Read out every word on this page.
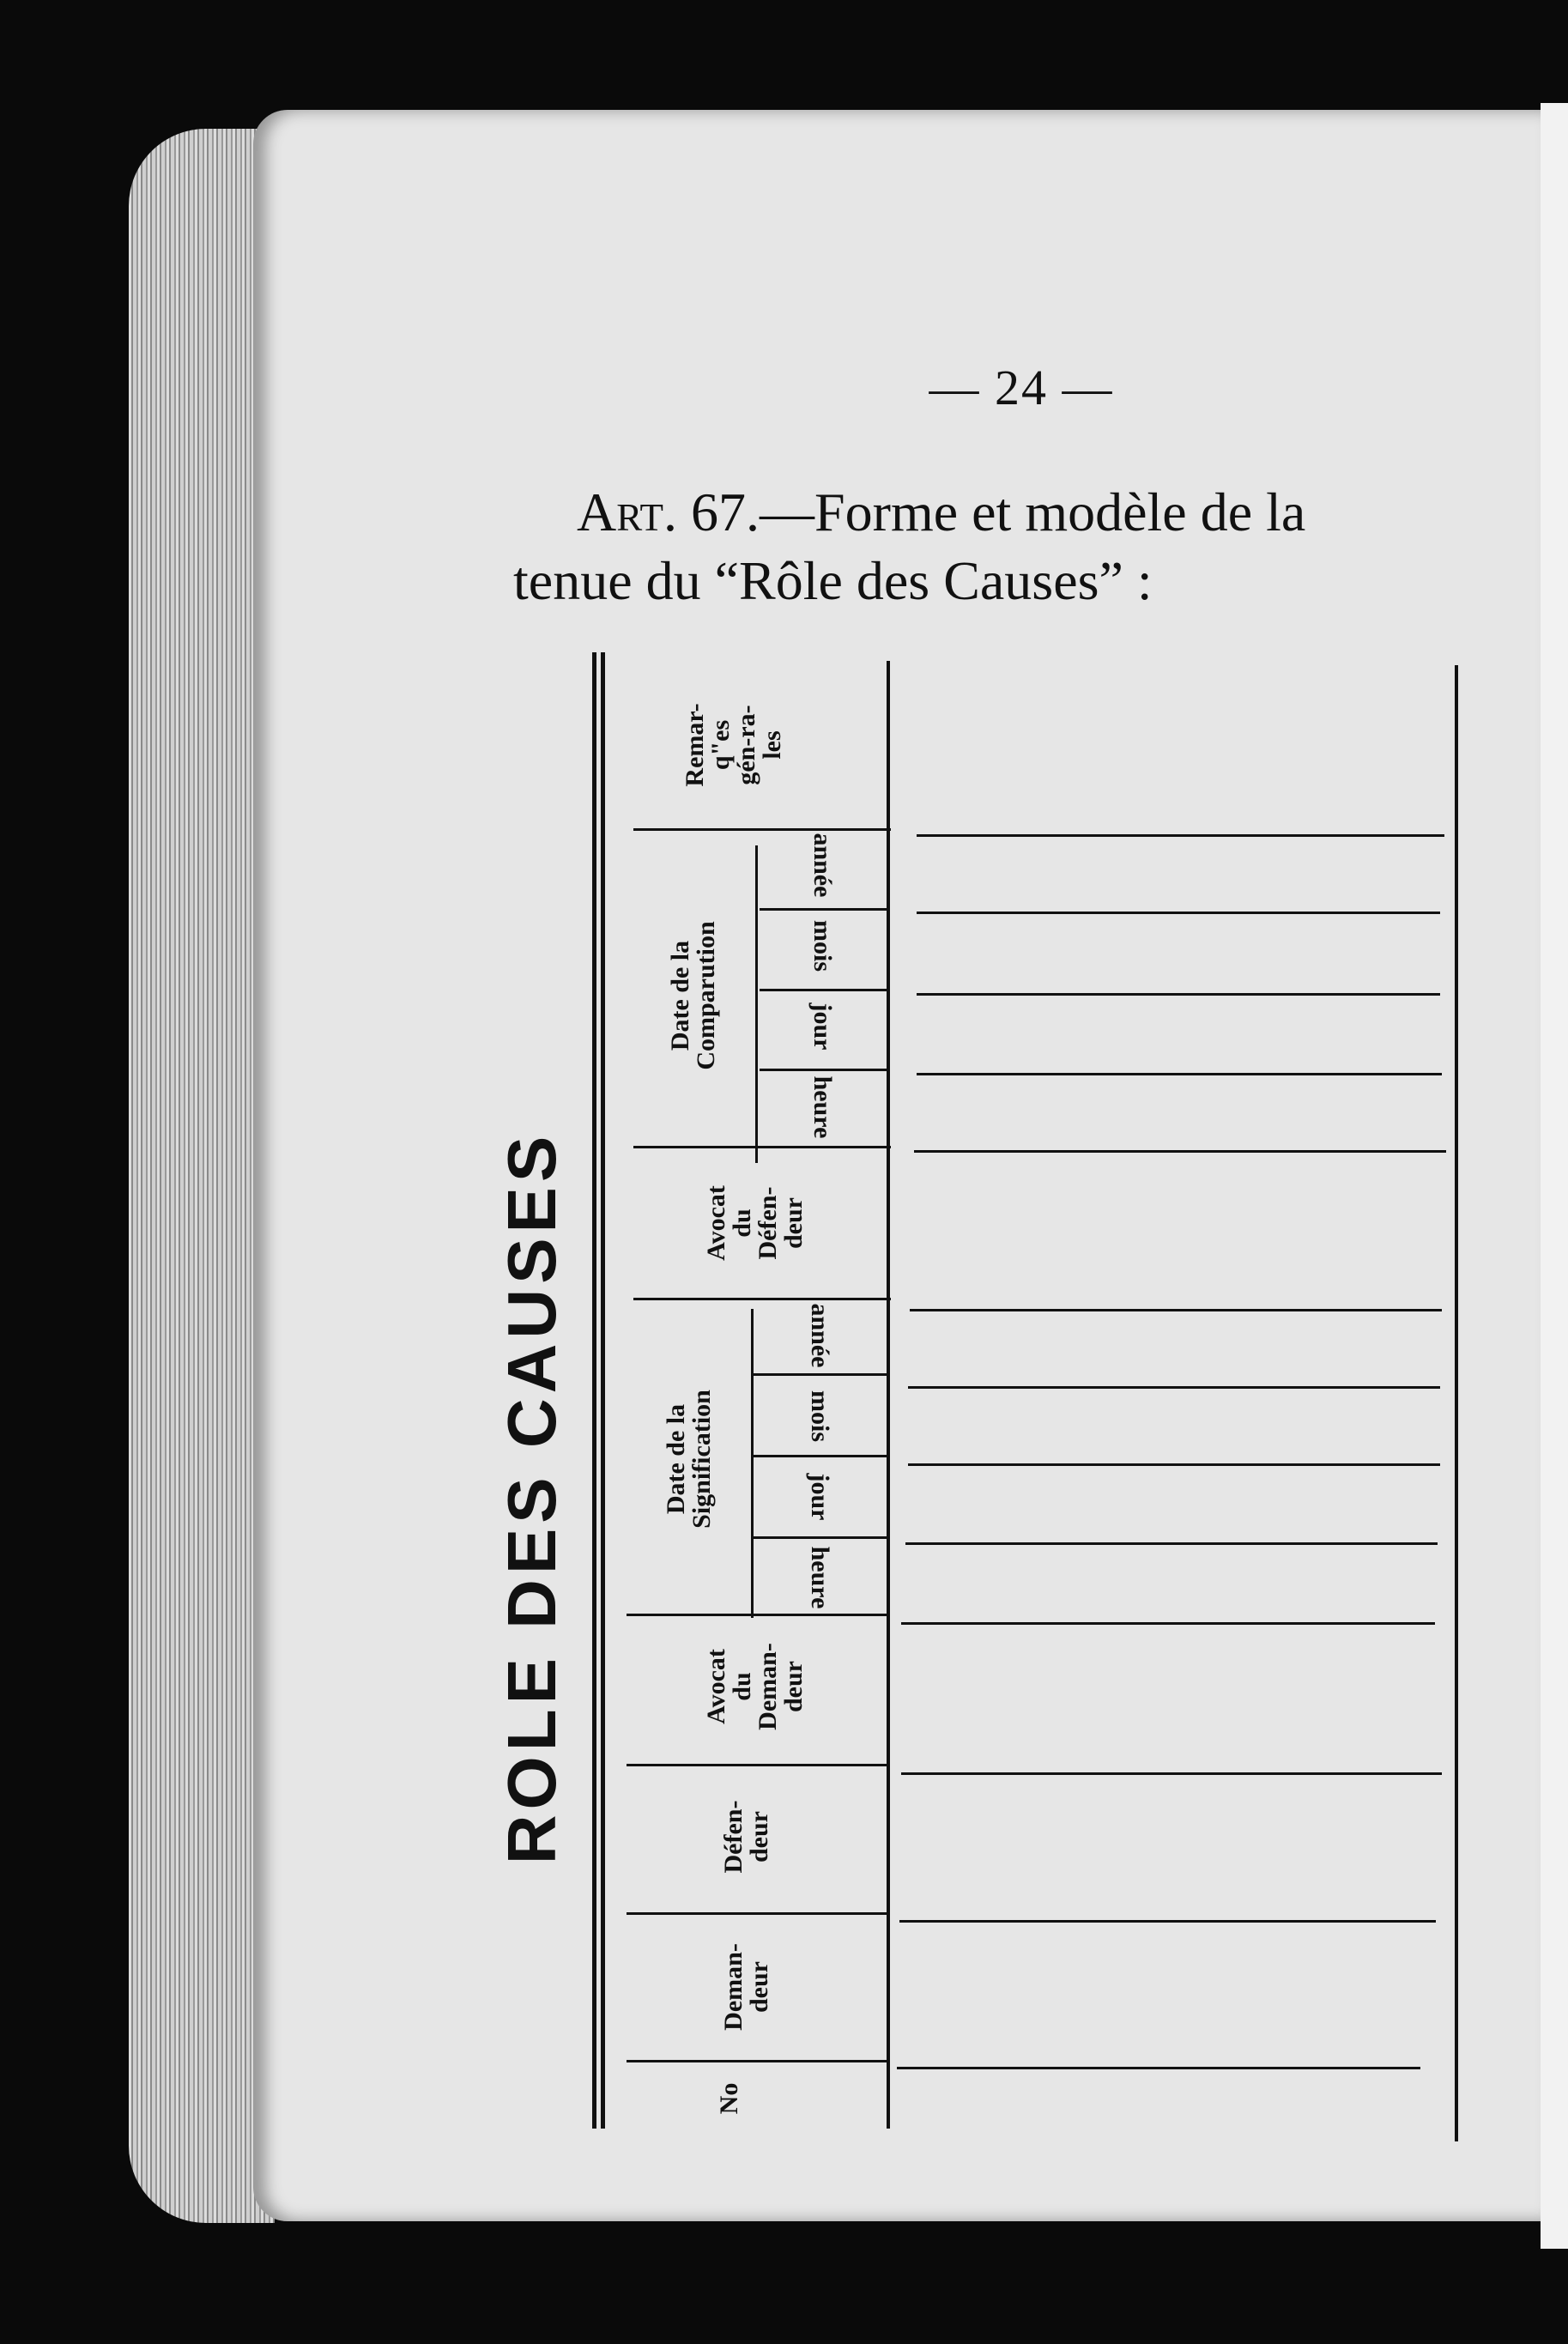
— 24 —
Art. 67.—Forme et modèle de la
tenue du “Rôle des Causes” :
ROLE DES CAUSES
Remar-
q"es
gén-ra-
les
Date de la
Comparution
Avocat
du
Défen-
deur
Date de la
Signification
Avocat
du
Deman-
deur
Défen-
deur
Deman-
deur
No
année
mois
jour
heure
année
mois
jour
heure
